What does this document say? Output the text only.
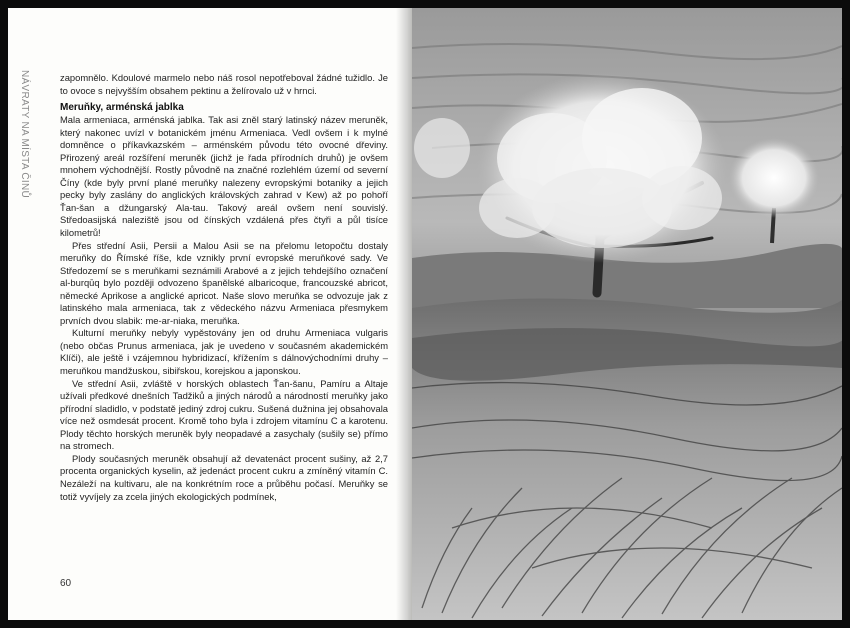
NÁVRATY NA MÍSTA ČINŮ	zapomnělo. Kdoulové marmelo nebo náš rosol nepotřeboval žádné tužidlo. Je to ovoce s nejvyšším obsahem pektinu a želírovalo už v hrnci.

Meruňky, arménská jablka

Mala armeniaca, arménská jablka. Tak asi zněl starý latinský název meruněk, který nakonec uvízl v botanickém jménu Armeniaca. Vedl ovšem i k mylné domněnce o příkavkazském – arménském původu této ovocné dřeviny. Přirozený areál rozšíření meruněk (jichž je řada přírodních druhů) je ovšem mnohem východnější. Rostly původně na značné rozlehlém území od severní Číny (kde byly první plané meruňky nalezeny evropskými botaniky a jejich pecky byly zaslány do anglických královských zahrad v Kew) až po pohoří Ťan-šan a džungarský Ala-tau. Takový areál ovšem není souvislý. Středoasijská naleziště jsou od čínských vzdálená přes čtyři a půl tisíce kilometrů!

Přes střední Asii, Persii a Malou Asii se na přelomu letopočtu dostaly meruňky do Římské říše, kde vznikly první evropské meruňkové sady. Ve Středozemí se s meruňkami seznámili Arabové a z jejich tehdejšího označení al-burqūq bylo později odvozeno španělské albaricoque, francouzské abricot, německé Aprikose a anglické apricot. Naše slovo meruňka se odvozuje jak z latinského mala armeniaca, tak z vědeckého názvu Armeniaca přesmykem prvních dvou slabik: me-ar-niaka, meruňka.

Kulturní meruňky nebyly vypěstovány jen od druhu Armeniaca vulgaris (nebo občas Prunus armeniaca, jak je uvedeno v současném akademickém Klíči), ale ještě i vzájemnou hybridizací, křížením s dálnovýchodními druhy – meruňkou mandžuskou, sibiřskou, korejskou a japonskou.

Ve střední Asii, zvláště v horských oblastech Ťan-šanu, Pamíru a Altaje užívali předkové dnešních Tadžiků a jiných národů a národností meruňky jako přírodní sladidlo, v podstatě jediný zdroj cukru. Sušená dužnina jej obsahovala více než osmdesát procent. Kromě toho byla i zdrojem vitamínu C a karotenu. Plody těchto horských meruněk byly neopadavé a zasychaly (sušily se) přímo na stromech.

Plody současných meruněk obsahují až devatenáct procent sušiny, až 2,7 procenta organických kyselin, až jedenáct procent cukru a zmíněný vitamín C. Nezáleží na kultivaru, ale na konkrétním roce a průběhu počasí. Meruňky se totiž vyvíjely za zcela jiných ekologických podmínek,

60
